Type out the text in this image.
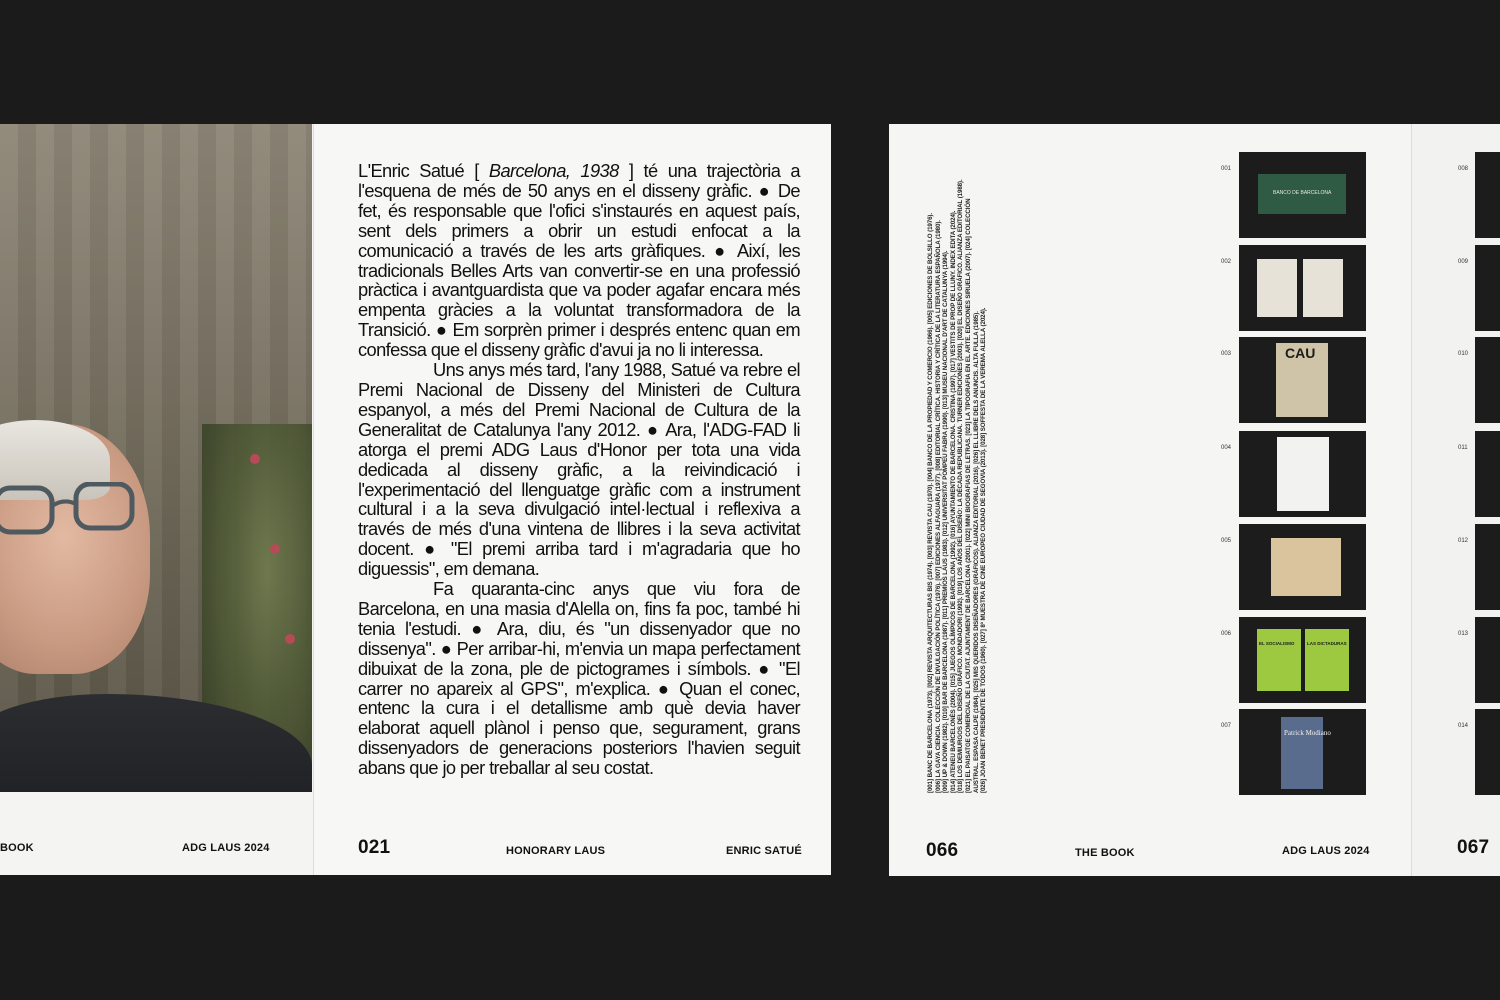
BOOK	ADG LAUS 2024

L'Enric Satué [ Barcelona, 1938 ] té una trajectòria a l'esquena de més de 50 anys en el disseny gràfic. ● De fet, és responsable que l'ofici s'instaurés en aquest país, sent dels primers a obrir un estudi enfocat a la comunicació a través de les arts gràfiques. ● Així, les tradicionals Belles Arts van convertir-se en una professió pràctica i avantguardista que va poder agafar encara més empenta gràcies a la voluntat transformadora de la Transició. ● Em sorprèn primer i després entenc quan em confessa que el disseny gràfic d'avui ja no li interessa.

Uns anys més tard, l'any 1988, Satué va rebre el Premi Nacional de Disseny del Ministeri de Cultura espanyol, a més del Premi Nacional de Cultura de la Generalitat de Catalunya l'any 2012. ● Ara, l'ADG-FAD li atorga el premi ADG Laus d'Honor per tota una vida dedicada al disseny gràfic, a la reivindicació i l'experimentació del llenguatge gràfic com a instrument cultural i a la seva divulgació intel·lectual i reflexiva a través de més d'una vintena de llibres i la seva activitat docent. ● "El premi arriba tard i m'agradaria que ho diguessis", em demana.

Fa quaranta-cinc anys que viu fora de Barcelona, en una masia d'Alella on, fins fa poc, també hi tenia l'estudi. ● Ara, diu, és "un dissenyador que no dissenya". ● Per arribar-hi, m'envia un mapa perfectament dibuixat de la zona, ple de pictogrames i símbols. ● "El carrer no apareix al GPS", m'explica. ● Quan el conec, entenc la cura i el detallisme amb què devia haver elaborat aquell plànol i penso que, segurament, grans dissenyadors de generacions posteriors l'havien seguit abans que jo per treballar al seu costat.

021	HONORARY LAUS	ENRIC SATUÉ
[001] BANC DE BARCELONA (1973). [002] REVISTA ARQUITECTURAS BIS (1974). [003] REVISTA CAU (1970). [004] BANCO DE LA PROPIEDAD Y COMERCIO (1966). [005] EDICIONES DE BOLSILLO (1976). [006] LA GAYA CIENCIA. COLECCIÓN DE DIVULGACIÓN POLÍTICA (1976). [007] EDICIONES ALFAGUARA (1977). [008] EDITORIAL CRÍTICA. HISTORIA Y CRÍTICA DE LA LITERATURA ESPAÑOLA (1980). [009] UP & DOWN (1982). [010] BAR DE BARCELONA (1987). [011] PREMIOS LAUS (1983). [012] UNIVERSITAT POMPEU FABRA (1990). [013] MUSEU NACIONAL D'ART DE CATALUNYA (1994). [014] ATENEU BARCELONÈS (2004). [015] JUEGOS OLÍMPICOS DE BARCELONA (1992). [016] AYUNTAMIENTO DE BARCELONA. CRISTINA (1997). [017] VESTITS DE PROP DE LLUNY. INDEX EDITA (2024). [018] LOS DEMIURGOS DEL DISEÑO GRÁFICO. MONDADORI (1992). [019] LOS AÑOS DEL DISEÑO: LA DÉCADA REPUBLICANA. TURNER EDICIONES (2003). [020] EL DISEÑO GRÁFICO. ALIANZA EDITORIAL (1988). [021] EL PAISATGE COMERCIAL DE LA CIUTAT. AJUNTAMENT DE BARCELONA (2001). [022] MINI BIOGRAFIAS DE LETRAS. [023] LA TIPOGRAFIA EN EL ARTE. EDICIONES SIRUELA (2007). [024] COLECCIÓN AUSTRAL. ESPASA CALPE (1984). [025] MIS QUERIDOS DISEÑADORES (GRÁFICOS). ALIANZA EDITORIAL (2016). [026] EL LLIBRE DELS ANUNCIS. ALTA FULLA (1985). [026] JOAN BENET PRESIDENTE DE TODOS (1960). [027] 8ª MUESTRA DE CINE EUROPEO CIUDAD DE SEGOVIA (2013). [028] SOFFESTA DE LA VEREMA ALELLA (2024).
001
BANCO DE BARCELONA
002
003	CAU
004
005
006
EL SOCIALISMO	LAS DICTADURAS
007
Patrick Modiano
066	THE BOOK	ADG LAUS 2024
008
009
010
011
012
013
014
067
